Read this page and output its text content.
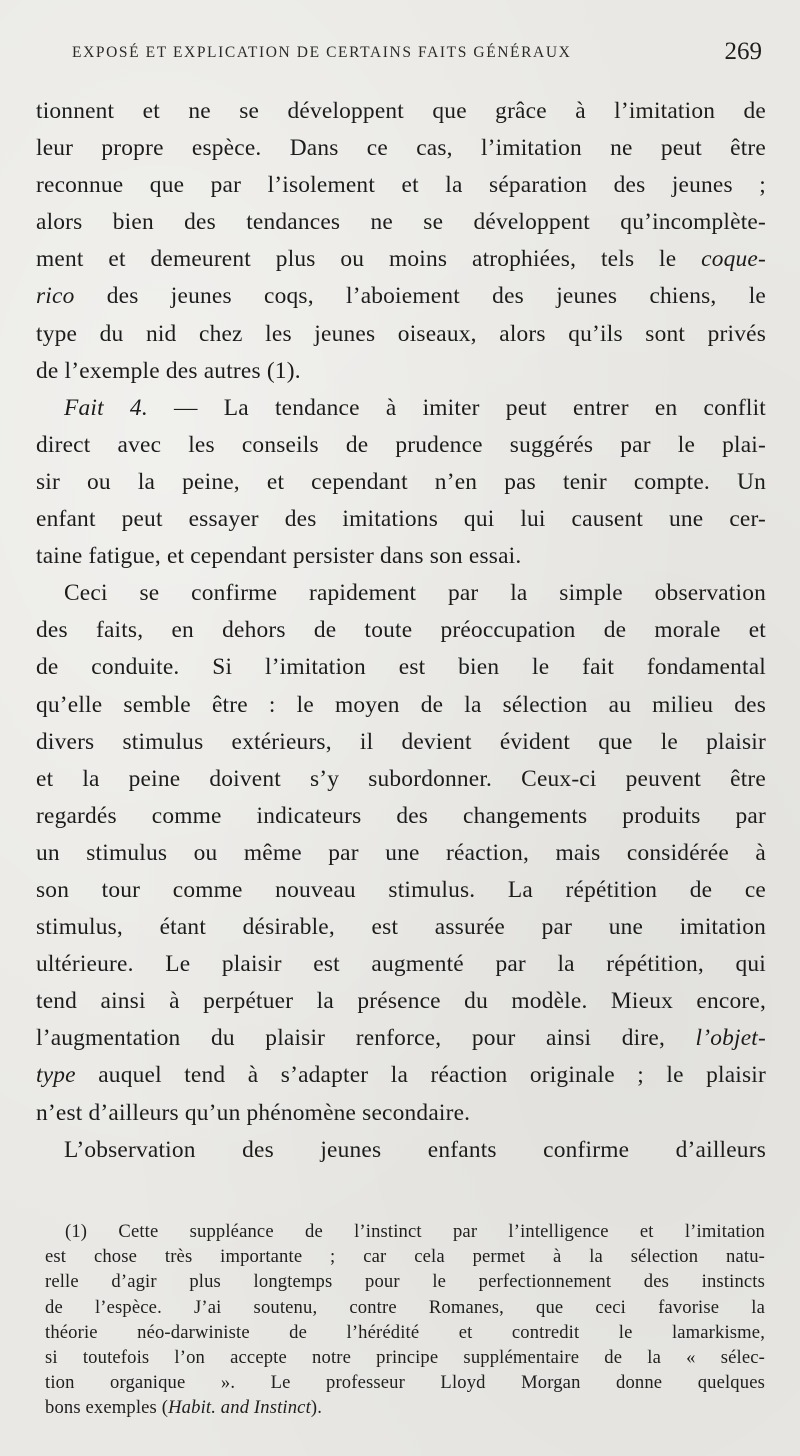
EXPOSÉ ET EXPLICATION DE CERTAINS FAITS GÉNÉRAUX	269
tionnent et ne se développent que grâce à l’imitation de
leur propre espèce. Dans ce cas, l’imitation ne peut être
reconnue que par l’isolement et la séparation des jeunes ;
alors bien des tendances ne se développent qu’incomplète-
ment et demeurent plus ou moins atrophiées, tels le coque-
rico des jeunes coqs, l’aboiement des jeunes chiens, le
type du nid chez les jeunes oiseaux, alors qu’ils sont privés
de l’exemple des autres (1).
Fait 4. — La tendance à imiter peut entrer en conflit
direct avec les conseils de prudence suggérés par le plai-
sir ou la peine, et cependant n’en pas tenir compte. Un
enfant peut essayer des imitations qui lui causent une cer-
taine fatigue, et cependant persister dans son essai.
Ceci se confirme rapidement par la simple observation
des faits, en dehors de toute préoccupation de morale et
de conduite. Si l’imitation est bien le fait fondamental
qu’elle semble être : le moyen de la sélection au milieu des
divers stimulus extérieurs, il devient évident que le plaisir
et la peine doivent s’y subordonner. Ceux-ci peuvent être
regardés comme indicateurs des changements produits par
un stimulus ou même par une réaction, mais considérée à
son tour comme nouveau stimulus. La répétition de ce
stimulus, étant désirable, est assurée par une imitation
ultérieure. Le plaisir est augmenté par la répétition, qui
tend ainsi à perpétuer la présence du modèle. Mieux encore,
l’augmentation du plaisir renforce, pour ainsi dire, l’objet-
type auquel tend à s’adapter la réaction originale ; le plaisir
n’est d’ailleurs qu’un phénomène secondaire.
L’observation des jeunes enfants confirme d’ailleurs
(1) Cette suppléance de l’instinct par l’intelligence et l’imitation
est chose très importante ; car cela permet à la sélection natu-
relle d’agir plus longtemps pour le perfectionnement des instincts
de l’espèce. J’ai soutenu, contre Romanes, que ceci favorise la
théorie néo-darwiniste de l’hérédité et contredit le lamarkisme,
si toutefois l’on accepte notre principe supplémentaire de la « sélec-
tion organique ». Le professeur Lloyd Morgan donne quelques
bons exemples (Habit. and Instinct).
